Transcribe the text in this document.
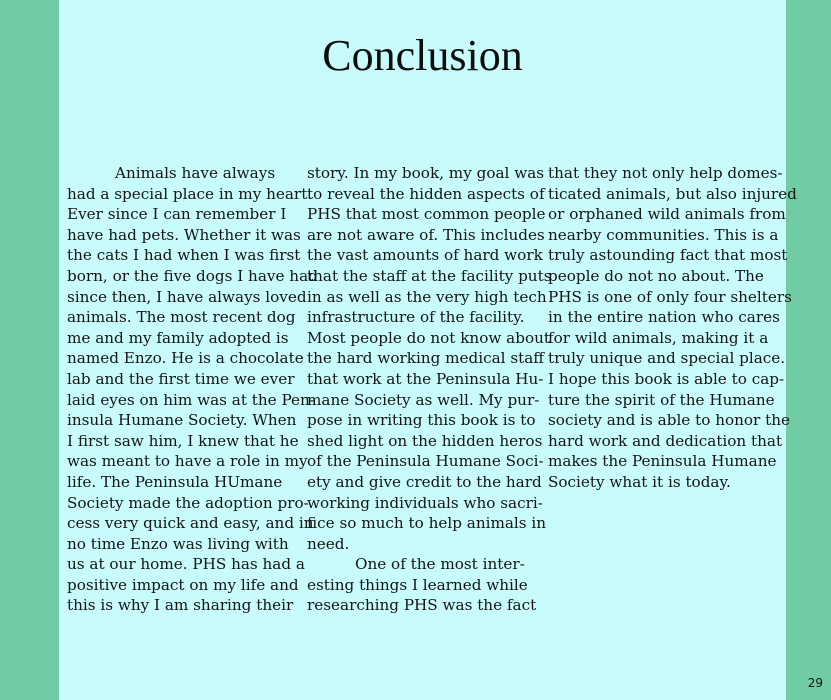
Conclusion

Animals have always
had a special place in my heart.
Ever since I can remember I
have had pets. Whether it was
the cats I had when I was first
born, or the five dogs I have had
since then, I have always loved
animals. The most recent dog
me and my family adopted is
named Enzo. He is a chocolate
lab and the first time we ever
laid eyes on him was at the Pen-
insula Humane Society. When
I first saw him, I knew that he
was meant to have a role in my
life. The Peninsula HUmane
Society made the adoption pro-
cess very quick and easy, and in
no time Enzo was living with
us at our home. PHS has had a
positive impact on my life and
this is why I am sharing their

story. In my book, my goal was
to reveal the hidden aspects of
PHS that most common people
are not aware of. This includes
the vast amounts of hard work
that the staff at the facility puts
in as well as the very high tech
infrastructure of the facility.
Most people do not know about
the hard working medical staff
that work at the Peninsula Hu-
mane Society as well. My pur-
pose in writing this book is to
shed light on the hidden heros
of the Peninsula Humane Soci-
ety and give credit to the hard
working individuals who sacri-
fice so much to help animals in
need.

One of the most inter-
esting things I learned while
researching PHS was the fact

that they not only help domes-
ticated animals, but also injured
or orphaned wild animals from
nearby communities. This is a
truly astounding fact that most
people do not no about. The
PHS is one of only four shelters
in the entire nation who cares
for wild animals, making it a
truly unique and special place.
I hope this book is able to cap-
ture the spirit of the Humane
society and is able to honor the
hard work and dedication that
makes the Peninsula Humane
Society what it is today.

29
